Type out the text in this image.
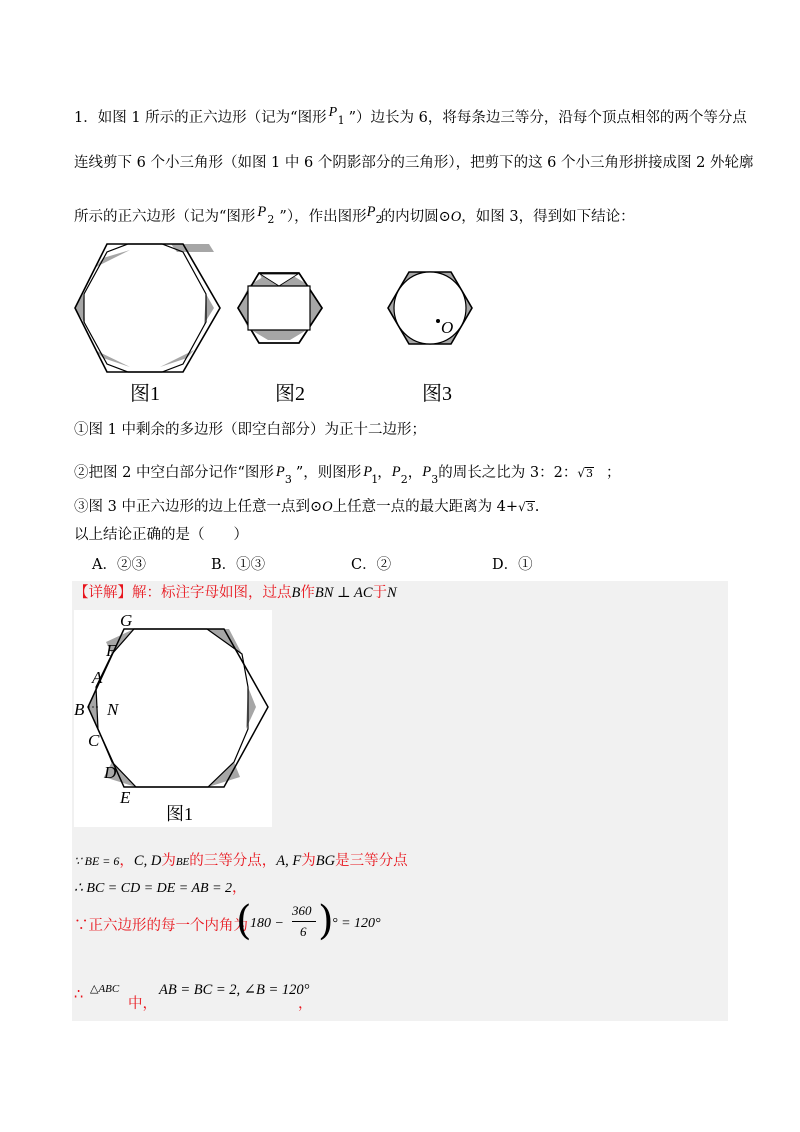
1．如图 1 所示的正六边形（记为“图形 P
1 ”）边长为 6，将每条边三等分，沿每个顶点相邻的两个等分点
连线剪下 6 个小三角形（如图 1 中 6 个阴影部分的三角形），把剪下的这 6 个小三角形拼接成图 2 外轮廓
所示的正六边形（记为“图形 P 2 ”），作出图形 P 2
的内切圆⊙O，如图 3，得到如下结论：
图1	图2
O
图3
①图 1 中剩余的多边形（即空白部分）为正十二边形；
②把图 2 中空白部分记作“图形 P 3 ”，则图形 P 1 ， P 2 ， P 3 的周长之比为 3：2：√3 ；
③图 3 中正六边形的边上任意一点到⊙O上任意一点的最大距离为 4+√3.
以上结论正确的是（　　）
A．②③	B．①③	C．②	D．①
【详解】解：标注字母如图，过点B作BN ⊥ AC于N
G
F
A
B N
C
D
E
图1
∵ BE = 6，C, D为BE的三等分点，A, F为BG是三等分点
∴ BC = CD = DE = AB = 2，
∵正六边形的每一个内角为
(
180 −
360
6 )
° = 120°
∴ △ABC
中，
AB = BC = 2, ∠B = 120°
，
